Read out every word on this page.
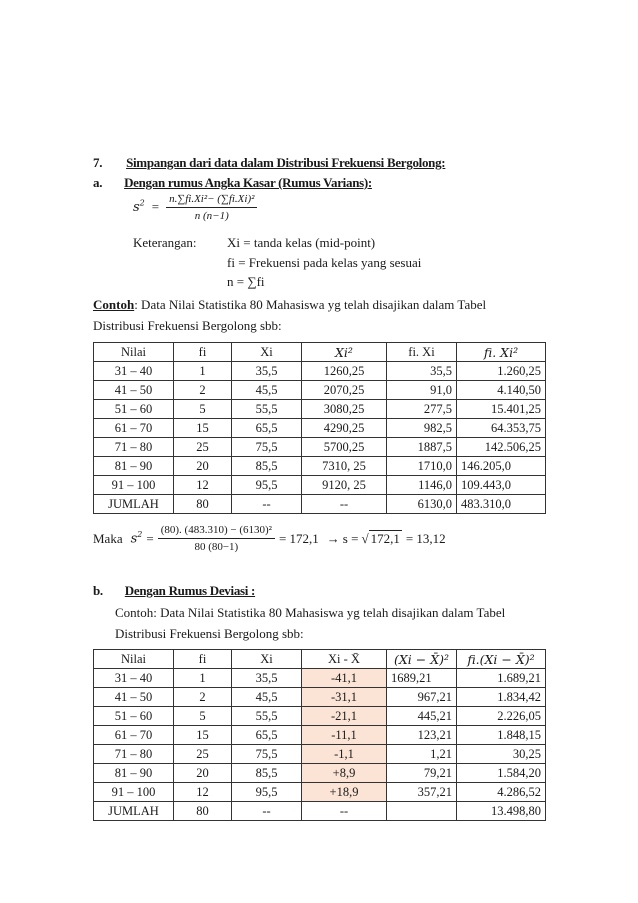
7. Simpangan dari data dalam Distribusi Frekuensi Bergolong:
a. Dengan rumus Angka Kasar (Rumus Varians):
$s^2 = \frac{\text{n.∑fi.Xi²− (∑fi.Xi)²}}{n (n-1)}$
Keterangan: Xi = tanda kelas (mid-point)
fi = Frekuensi pada kelas yang sesuai
n = ∑fi
Contoh: Data Nilai Statistika 80 Mahasiswa yg telah disajikan dalam Tabel
Distribusi Frekuensi Bergolong sbb:
Nilai	fi	Xi	Xi²	fi. Xi	fi. Xi²
31 – 40	1	35,5	1260,25	35,5	1.260,25
41 – 50	2	45,5	2070,25	91,0	4.140,50
51 – 60	5	55,5	3080,25	277,5	15.401,25
61 – 70	15	65,5	4290,25	982,5	64.353,75
71 – 80	25	75,5	5700,25	1887,5	142.506,25
81 – 90	20	85,5	7310, 25	1710,0	146.205,0
91 – 100	12	95,5	9120, 25	1146,0	109.443,0
JUMLAH	80	--	--	6130,0	483.310,0
Maka $s^2 = \frac{\text{(80). (483.310) − (6130)²}}{80 (80-1)} = 172,1 \to s$ = √ 172,1 = 13,12
b. Dengan Rumus Deviasi :
Contoh: Data Nilai Statistika 80 Mahasiswa yg telah disajikan dalam Tabel
Distribusi Frekuensi Bergolong sbb:
Nilai	fi	Xi	Xi - X̄	(Xi − X̄)²	fi.(Xi − X̄)²
31 – 40	1	35,5	-41,1	1689,21	1.689,21
41 – 50	2	45,5	-31,1	967,21	1.834,42
51 – 60	5	55,5	-21,1	445,21	2.226,05
61 – 70	15	65,5	-11,1	123,21	1.848,15
71 – 80	25	75,5	-1,1	1,21	30,25
81 – 90	20	85,5	+8,9	79,21	1.584,20
91 – 100	12	95,5	+18,9	357,21	4.286,52
JUMLAH	80	--	--		13.498,80
